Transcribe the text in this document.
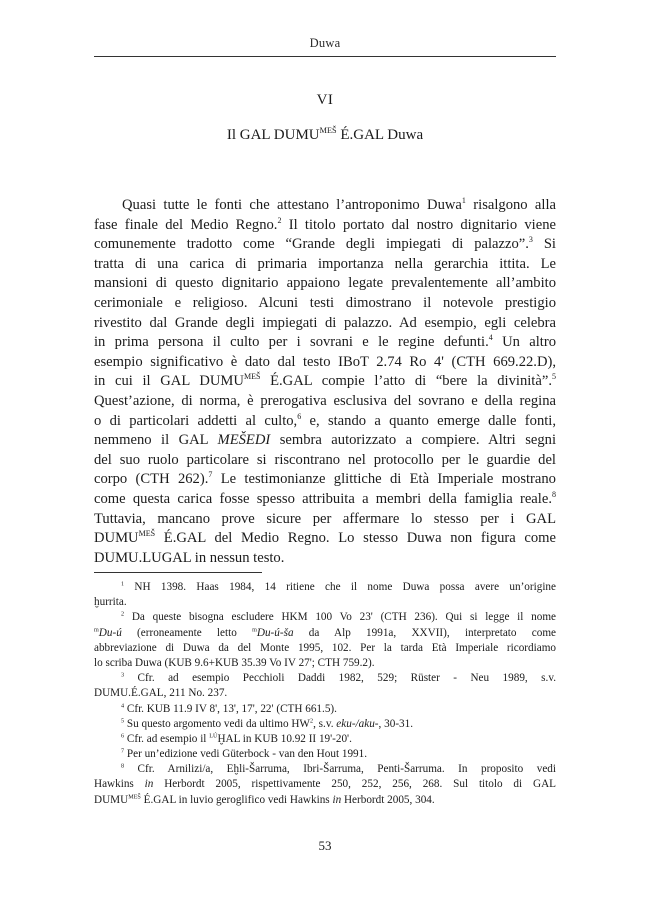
Duwa
VI
Il GAL $DUMU^{MEŠ}$ É.GAL Duwa
Quasi tutte le fonti che attestano l’antroponimo Duwa$^1$ risalgono alla
fase finale del Medio Regno.$^2$ Il titolo portato dal nostro dignitario viene
comunemente tradotto come “Grande degli impiegati di palazzo”.$^3$ Si
tratta di una carica di primaria importanza nella gerarchia ittita. Le
mansioni di questo dignitario appaiono legate prevalentemente all’ambito
cerimoniale e religioso. Alcuni testi dimostrano il notevole prestigio
rivestito dal Grande degli impiegati di palazzo. Ad esempio, egli celebra
in prima persona il culto per i sovrani e le regine defunti.$^4$ Un altro
esempio significativo è dato dal testo IBoT 2.74 Ro 4' (CTH 669.22.D),
in cui il GAL $DUMU^{MEŠ}$ É.GAL compie l’atto di “bere la divinità”.$^5$
Quest’azione, di norma, è prerogativa esclusiva del sovrano e della regina
o di particolari addetti al culto,$^6$ e, stando a quanto emerge dalle fonti,
nemmeno il GAL MEŠEDI sembra autorizzato a compiere. Altri segni
del suo ruolo particolare si riscontrano nel protocollo per le guardie del
corpo (CTH 262).$^7$ Le testimonianze glittiche di Età Imperiale mostrano
come questa carica fosse spesso attribuita a membri della famiglia reale.$^8$
Tuttavia, mancano prove sicure per affermare lo stesso per i GAL
$DUMU^{MEŠ}$ É.GAL del Medio Regno. Lo stesso Duwa non figura come
DUMU.LUGAL in nessun testo.
$^1$ NH 1398. Haas 1984, 14 ritiene che il nome Duwa possa avere un’origine
ḫurrita.
$^2$ Da queste bisogna escludere HKM 100 Vo 23' (CTH 236). Qui si legge il nome
$^m$Du-ú (erroneamente letto $^m$Du-ú-ša da Alp 1991a, XXVII), interpretato come
abbreviazione di Duwa da del Monte 1995, 102. Per la tarda Età Imperiale ricordiamo
lo scriba Duwa (KUB 9.6+KUB 35.39 Vo IV 27'; CTH 759.2).
$^3$ Cfr. ad esempio Pecchioli Daddi 1982, 529; Rüster - Neu 1989, s.v.
DUMU.É.GAL, 211 No. 237.
$^4$ Cfr. KUB 11.9 IV 8', 13', 17', 22' (CTH 661.5).
$^5$ Su questo argomento vedi da ultimo $HW^2$, s.v. eku-/aku-, 30-31.
$^6$ Cfr. ad esempio il $^{LÚ}$ḪAL in KUB 10.92 II 19'-20'.
$^7$ Per un’edizione vedi Güterbock - van den Hout 1991.
$^8$ Cfr. Arnilizi/a, Eḫli-Šarruma, Ibri-Šarruma, Penti-Šarruma. In proposito vedi
Hawkins in Herbordt 2005, rispettivamente 250, 252, 256, 268. Sul titolo di GAL
$DUMU^{MEŠ}$ É.GAL in luvio geroglifico vedi Hawkins in Herbordt 2005, 304.
53
